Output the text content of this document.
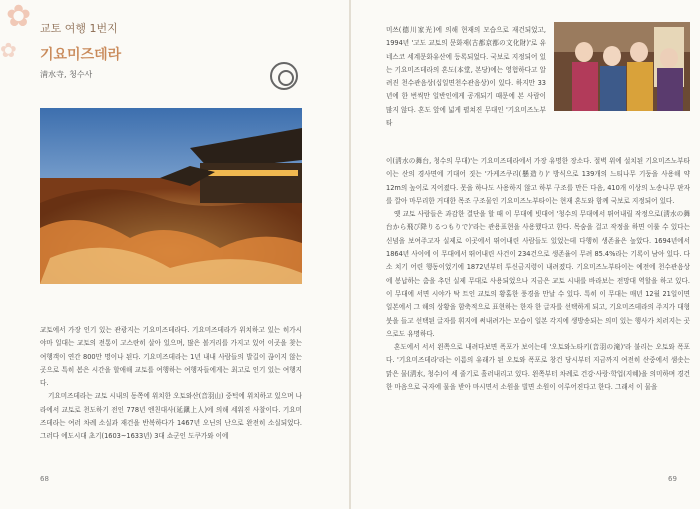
✿
✿
교토 여행 1번지
기요미즈데라
淸水寺, 청수사

교토에서 가장 인기 있는 관광지는 기요미즈데라다. 기요미즈데라가 위치하고 있는 히가시야마 일대는 교토의 전통이 고스란히 살아 있으며, 많은 볼거리를 가지고 있어 이곳을 찾는 여행객이 연간 800만 명이나 된다. 기요미즈데라는 1년 내내 사람들의 발길이 끊이지 않는 곳으로 특히 봄은 시간을 할애해 교토를 여행하는 여행자들에게는 최고로 인기 있는 여행지다.

기요미즈데라는 교토 시내의 동쪽에 위치한 오토와산(音羽山) 중턱에 위치하고 있으며 나라에서 교토로 천도하기 전인 778년 엔친대사(延鎭上人)에 의해 세워진 사찰이다. 기요미즈데라는 여러 차례 소실과 재건을 반복하다가 1467년 오닌의 난으로 완전히 소실되었다. 그러다 에도시대 초기(1603~1633년) 3대 쇼군인 도쿠가와 이에

68

미쓰(德川家光)에 의해 현재의 모습으로 재건되었고, 1994년 '고도 교토의 문화재(古都京都の文化財)'로 유네스코 세계문화유산에 등록되었다. 국보로 지정되어 있는 기요미즈데라의 혼도(本堂, 본당)에는 영험하다고 알려진 천수관음상(십일면천수관음상)이 있다. 하지만 33년에 한 번씩만 일반인에게 공개되기 때문에 본 사람이 많지 않다. 혼도 앞에 넓게 펼쳐진 무대인 '기요미즈노부타

이(淸水の舞台, 청수의 무대)'는 기요미즈데라에서 가장 유명한 장소다. 절벽 위에 설치된 기요미즈노부타이는 산의 경사면에 기대어 짓는 '가케즈쿠리(懸造り)' 방식으로 139개의 느티나무 기둥을 사용해 약 12m의 높이로 지어졌다. 못을 하나도 사용하지 않고 하부 구조를 만든 다음, 410개 이상의 노송나무 판자를 깔아 마무리한 거대한 목조 구조물인 기요미즈노부타이는 현재 혼도와 함께 국보로 지정되어 있다.

옛 교토 사람들은 과감한 결단을 할 때 이 무대에 빗대어 '청수의 무대에서 뛰어내릴 작정으로(淸水の舞台から飛び降りるつもりで)'라는 관용표현을 사용했다고 한다. 목숨을 걸고 작정을 하면 이룰 수 있다는 신념을 보여주고자 실제로 이곳에서 뛰어내린 사람들도 있었는데 다행히 생존율은 높았다. 1694년에서 1864년 사이에 이 무대에서 뛰어내린 사건이 234건으로 생존율이 무려 85.4%라는 기록이 남아 있다. 다소 치기 어린 행동이었기에 1872년부터 투신금지령이 내려졌다. 기요미즈노부타이는 예전에 천수관음상에 봉납하는 춤을 추던 실제 무대로 사용되었으나 지금은 교토 시내를 바라보는 전망대 역할을 하고 있다. 이 무대에 서면 시야가 탁 트인 교토의 황홀한 풍경을 만날 수 있다. 특히 이 무대는 매년 12월 21일이면 일본에서 그 해의 상황을 함축적으로 표현하는 한자 한 글자를 선택하게 되고, 기요미즈데라의 주지가 대형 붓을 들고 선택된 글자를 휘지에 써내려가는 모습이 일본 각지에 생방송되는 의미 있는 행사가 치러지는 곳으로도 유명하다.

혼도에서 서서 왼쪽으로 내려다보면 폭포가 보이는데 '오토와노타키(音羽の滝)'라 불리는 오토와 폭포다. '기요미즈데라'라는 이름의 유래가 된 오토와 폭포로 창건 당시부터 지금까지 여전히 산중에서 샘솟는 맑은 물(淸水, 청수)이 세 줄기로 흘러내리고 있다. 왼쪽부터 차례로 건강·사랑·학업(지혜)을 의미하며 경건한 마음으로 국자에 물을 받아 마시면서 소원을 빌면 소원이 이루어진다고 한다. 그래서 이 물을

69
